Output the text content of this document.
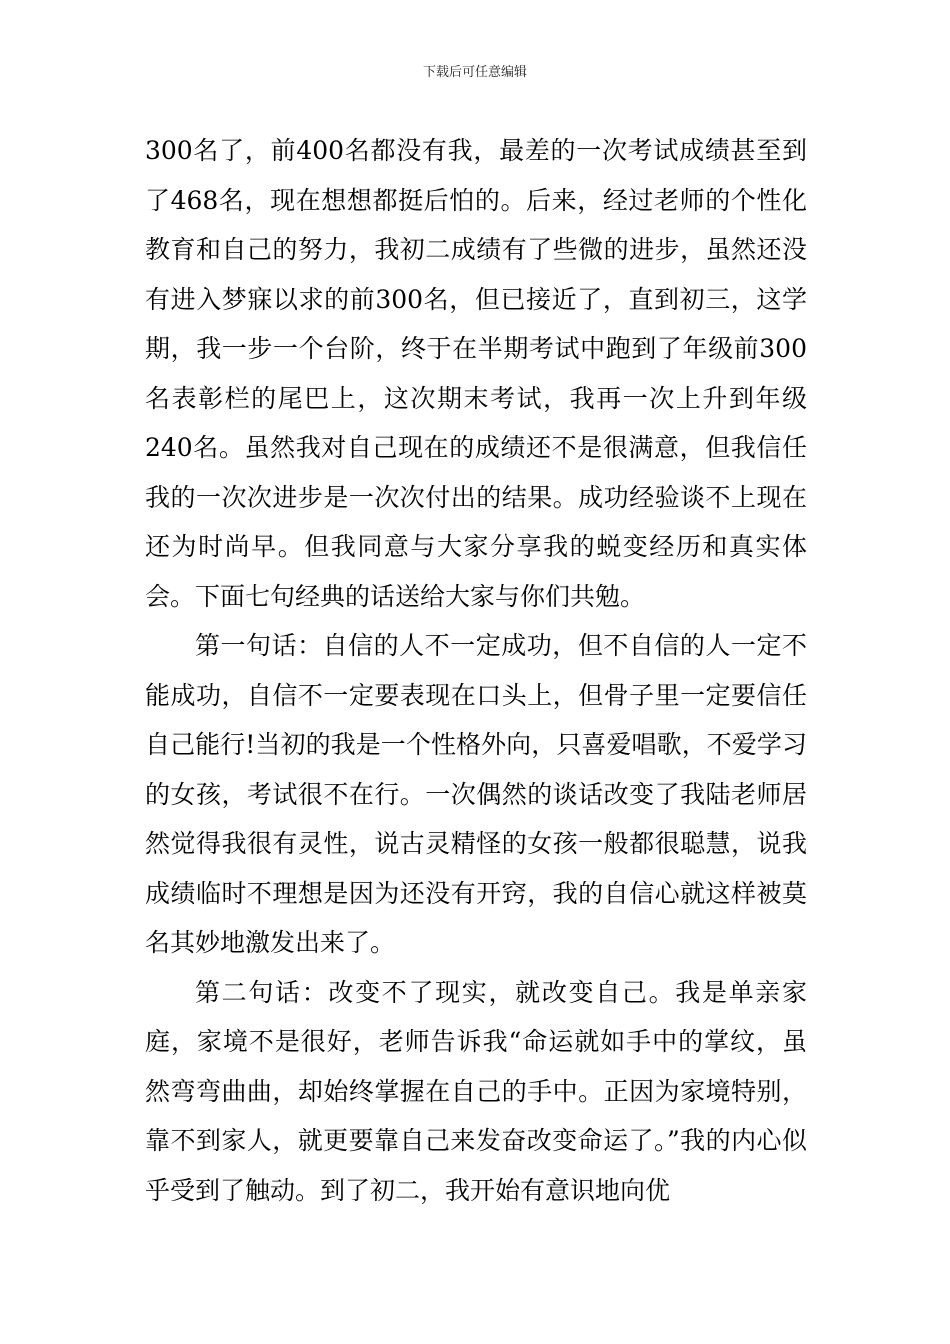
下载后可任意编辑

300名了，前400名都没有我，最差的一次考试成绩甚至到了468名，现在想想都挺后怕的。后来，经过老师的个性化教育和自己的努力，我初二成绩有了些微的进步，虽然还没有进入梦寐以求的前300名，但已接近了，直到初三，这学期，我一步一个台阶，终于在半期考试中跑到了年级前300名表彰栏的尾巴上，这次期末考试，我再一次上升到年级240名。虽然我对自己现在的成绩还不是很满意，但我信任我的一次次进步是一次次付出的结果。成功经验谈不上现在还为时尚早。但我同意与大家分享我的蜕变经历和真实体会。下面七句经典的话送给大家与你们共勉。

第一句话：自信的人不一定成功，但不自信的人一定不能成功，自信不一定要表现在口头上，但骨子里一定要信任自己能行!当初的我是一个性格外向，只喜爱唱歌，不爱学习的女孩，考试很不在行。一次偶然的谈话改变了我陆老师居然觉得我很有灵性，说古灵精怪的女孩一般都很聪慧，说我成绩临时不理想是因为还没有开窍，我的自信心就这样被莫名其妙地激发出来了。

第二句话：改变不了现实，就改变自己。我是单亲家庭，家境不是很好，老师告诉我“命运就如手中的掌纹，虽然弯弯曲曲，却始终掌握在自己的手中。正因为家境特别，靠不到家人，就更要靠自己来发奋改变命运了。”我的内心似乎受到了触动。到了初二，我开始有意识地向优
